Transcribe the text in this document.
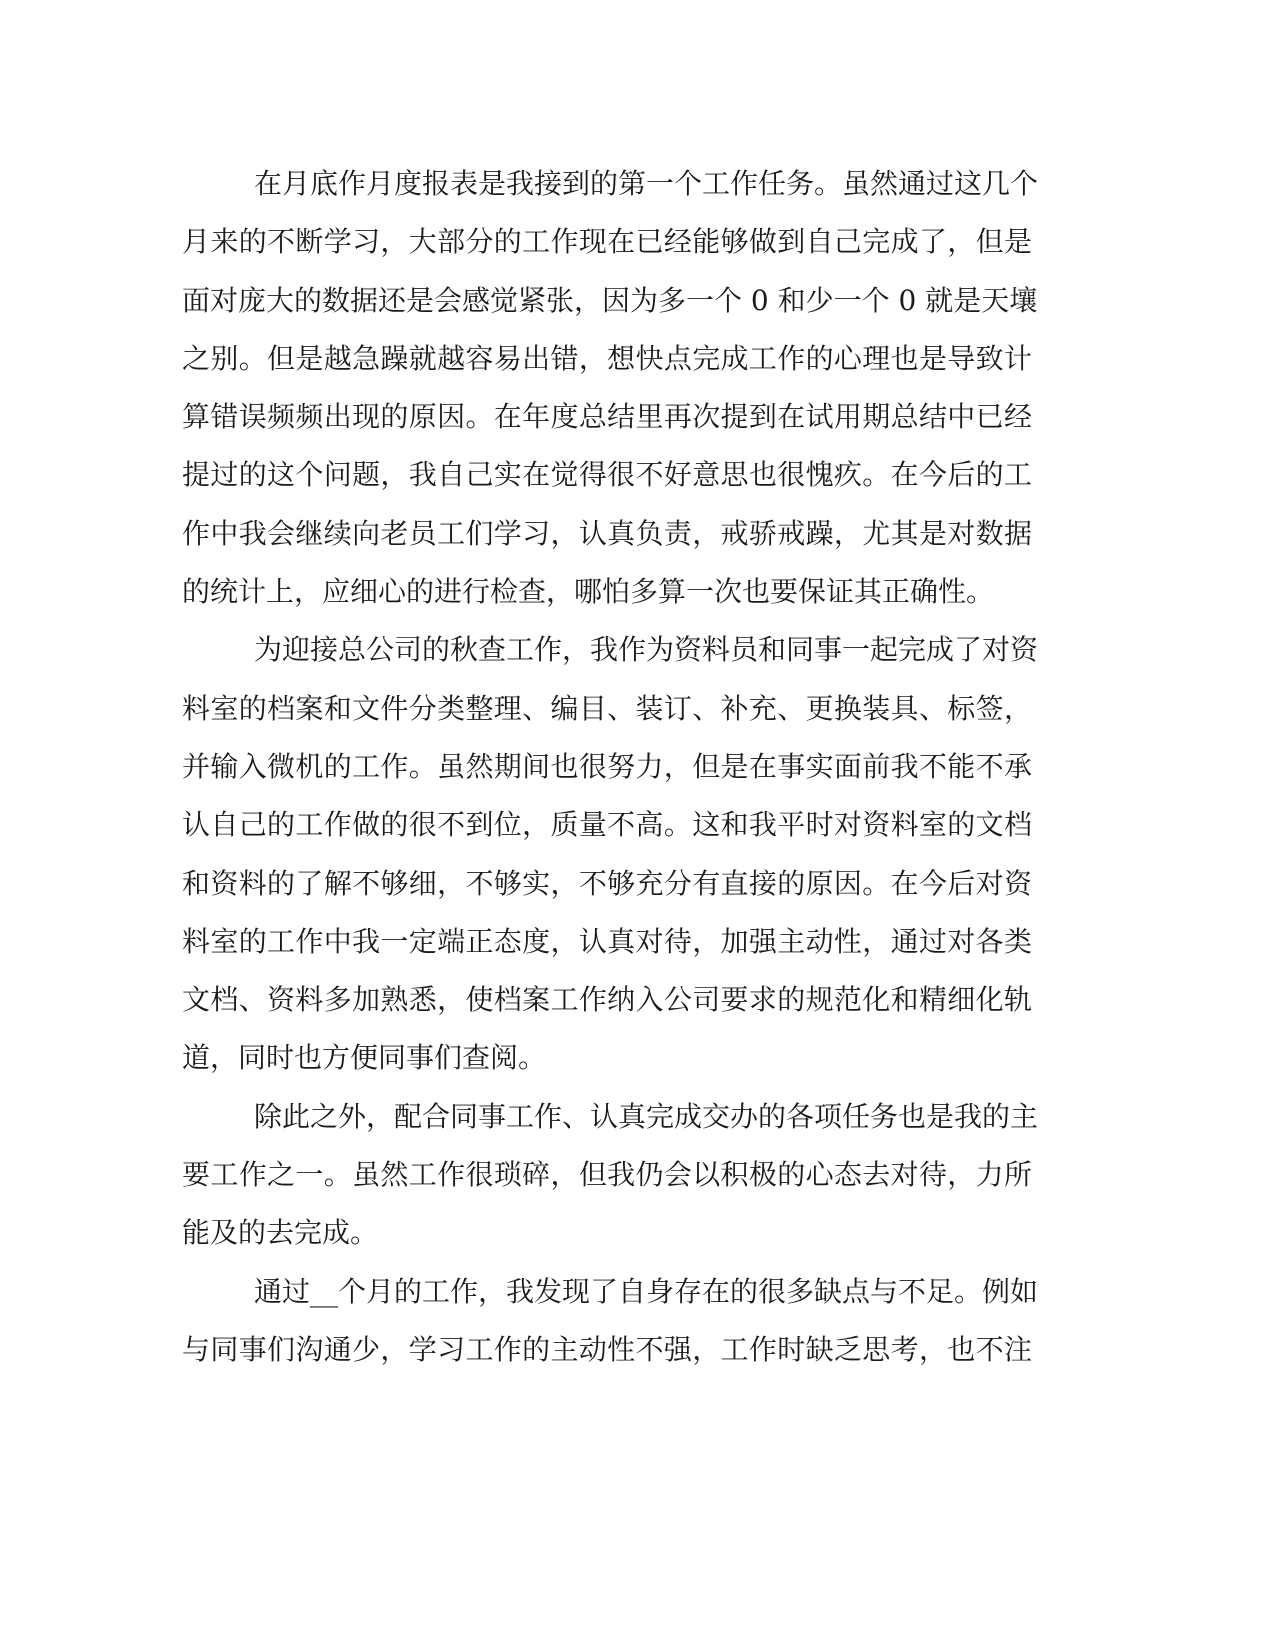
在月底作月度报表是我接到的第一个工作任务。虽然通过这几个
月来的不断学习，大部分的工作现在已经能够做到自己完成了，但是
面对庞大的数据还是会感觉紧张，因为多一个 0 和少一个 0 就是天壤
之别。但是越急躁就越容易出错，想快点完成工作的心理也是导致计
算错误频频出现的原因。在年度总结里再次提到在试用期总结中已经
提过的这个问题，我自己实在觉得很不好意思也很愧疚。在今后的工
作中我会继续向老员工们学习，认真负责，戒骄戒躁，尤其是对数据
的统计上，应细心的进行检查，哪怕多算一次也要保证其正确性。
为迎接总公司的秋查工作，我作为资料员和同事一起完成了对资
料室的档案和文件分类整理、编目、装订、补充、更换装具、标签，
并输入微机的工作。虽然期间也很努力，但是在事实面前我不能不承
认自己的工作做的很不到位，质量不高。这和我平时对资料室的文档
和资料的了解不够细，不够实，不够充分有直接的原因。在今后对资
料室的工作中我一定端正态度，认真对待，加强主动性，通过对各类
文档、资料多加熟悉，使档案工作纳入公司要求的规范化和精细化轨
道，同时也方便同事们查阅。
除此之外，配合同事工作、认真完成交办的各项任务也是我的主
要工作之一。虽然工作很琐碎，但我仍会以积极的心态去对待，力所
能及的去完成。
通过__个月的工作，我发现了自身存在的很多缺点与不足。例如
与同事们沟通少，学习工作的主动性不强，工作时缺乏思考，也不注
